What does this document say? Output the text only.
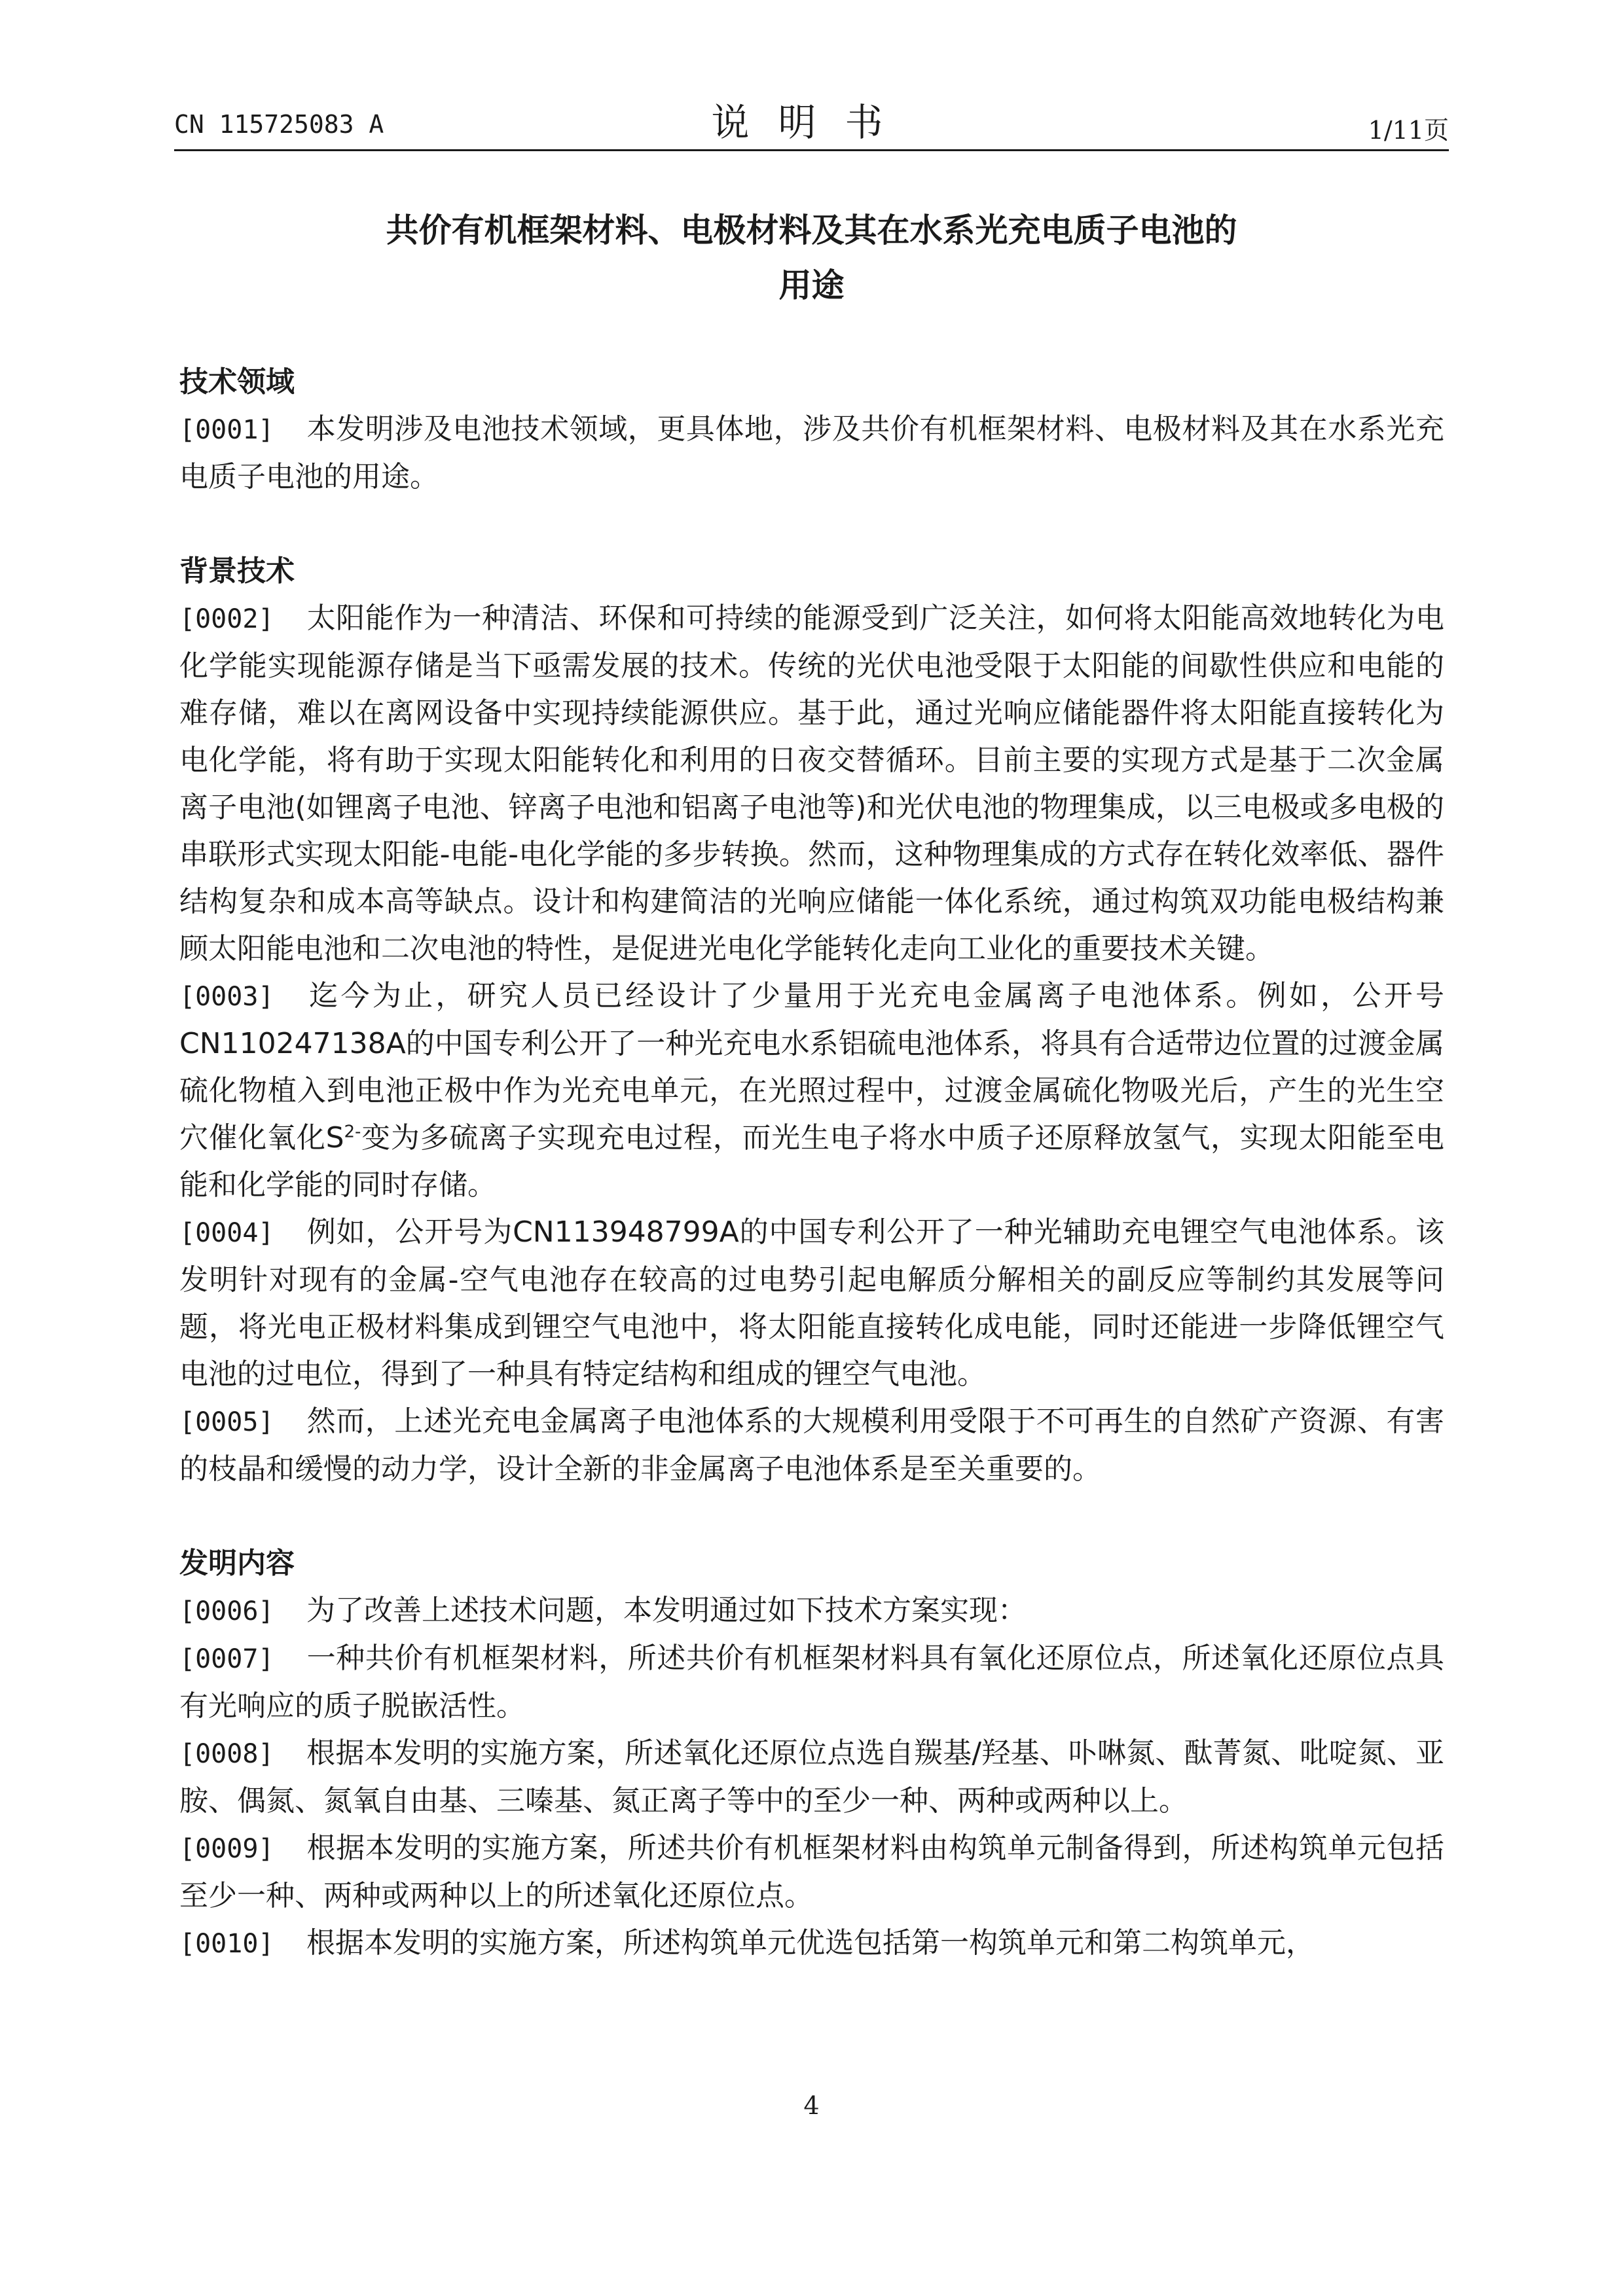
CN 115725083 A	说明书	1/11页
共价有机框架材料、电极材料及其在水系光充电质子电池的
用途

技术领域

[0001] 本发明涉及电池技术领域，更具体地，涉及共价有机框架材料、电极材料及其在水系光充电质子电池的用途。

背景技术

[0002] 太阳能作为一种清洁、环保和可持续的能源受到广泛关注，如何将太阳能高效地转化为电化学能实现能源存储是当下亟需发展的技术。传统的光伏电池受限于太阳能的间歇性供应和电能的难存储，难以在离网设备中实现持续能源供应。基于此，通过光响应储能器件将太阳能直接转化为电化学能，将有助于实现太阳能转化和利用的日夜交替循环。目前主要的实现方式是基于二次金属离子电池(如锂离子电池、锌离子电池和铝离子电池等)和光伏电池的物理集成，以三电极或多电极的串联形式实现太阳能-电能-电化学能的多步转换。然而，这种物理集成的方式存在转化效率低、器件结构复杂和成本高等缺点。设计和构建简洁的光响应储能一体化系统，通过构筑双功能电极结构兼顾太阳能电池和二次电池的特性，是促进光电化学能转化走向工业化的重要技术关键。

[0003] 迄今为止，研究人员已经设计了少量用于光充电金属离子电池体系。例如，公开号CN110247138A的中国专利公开了一种光充电水系铝硫电池体系，将具有合适带边位置的过渡金属硫化物植入到电池正极中作为光充电单元，在光照过程中，过渡金属硫化物吸光后，产生的光生空穴催化氧化$S^{2-}$变为多硫离子实现充电过程，而光生电子将水中质子还原释放氢气，实现太阳能至电能和化学能的同时存储。

[0004] 例如，公开号为CN113948799A的中国专利公开了一种光辅助充电锂空气电池体系。该发明针对现有的金属-空气电池存在较高的过电势引起电解质分解相关的副反应等制约其发展等问题，将光电正极材料集成到锂空气电池中，将太阳能直接转化成电能，同时还能进一步降低锂空气电池的过电位，得到了一种具有特定结构和组成的锂空气电池。

[0005] 然而，上述光充电金属离子电池体系的大规模利用受限于不可再生的自然矿产资源、有害的枝晶和缓慢的动力学，设计全新的非金属离子电池体系是至关重要的。

发明内容

[0006] 为了改善上述技术问题，本发明通过如下技术方案实现：

[0007] 一种共价有机框架材料，所述共价有机框架材料具有氧化还原位点，所述氧化还原位点具有光响应的质子脱嵌活性。

[0008] 根据本发明的实施方案，所述氧化还原位点选自羰基/羟基、卟啉氮、酞菁氮、吡啶氮、亚胺、偶氮、氮氧自由基、三嗪基、氮正离子等中的至少一种、两种或两种以上。

[0009] 根据本发明的实施方案，所述共价有机框架材料由构筑单元制备得到，所述构筑单元包括至少一种、两种或两种以上的所述氧化还原位点。

[0010] 根据本发明的实施方案，所述构筑单元优选包括第一构筑单元和第二构筑单元，

4
